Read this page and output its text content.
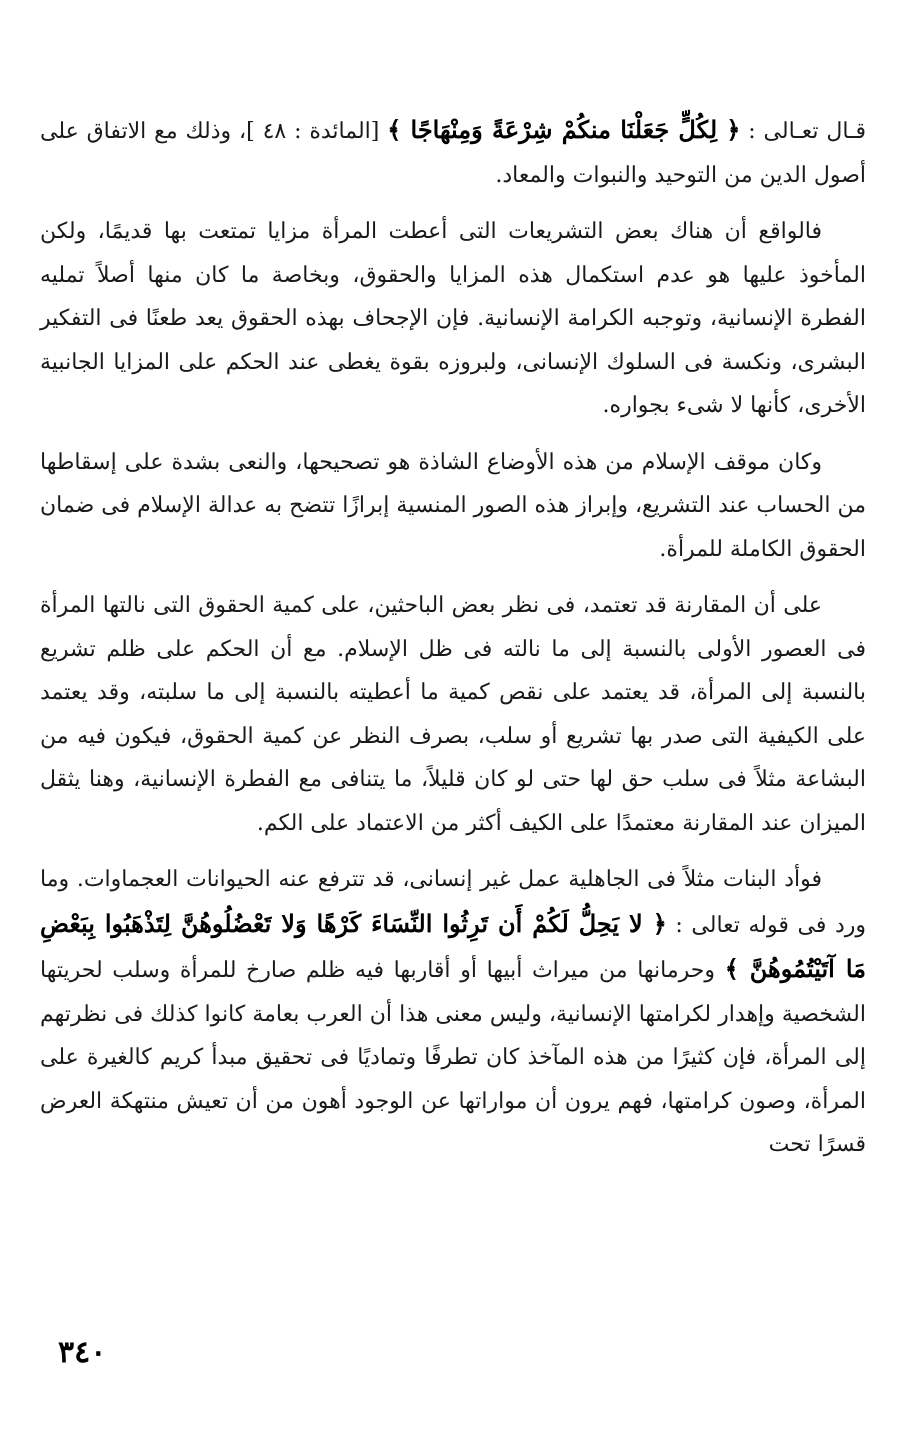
قـال تعـالى : ﴿ لِكُلٍّ جَعَلْنَا منكُمْ شِرْعَةً وَمِنْهَاجًا ﴾ [المائدة : ٤٨ ]، وذلك مع الاتفاق على أصول الدين من التوحيد والنبوات والمعاد.

فالواقع أن هناك بعض التشريعات التى أعطت المرأة مزايا تمتعت بها قديمًا، ولكن المأخوذ عليها هو عدم استكمال هذه المزايا والحقوق، وبخاصة ما كان منها أصلاً تمليه الفطرة الإنسانية، وتوجبه الكرامة الإنسانية. فإن الإجحاف بهذه الحقوق يعد طعنًا فى التفكير البشرى، ونكسة فى السلوك الإنسانى، ولبروزه بقوة يغطى عند الحكم على المزايا الجانبية الأخرى، كأنها لا شىء بجواره.

وكان موقف الإسلام من هذه الأوضاع الشاذة هو تصحيحها، والنعى بشدة على إسقاطها من الحساب عند التشريع، وإبراز هذه الصور المنسية إبرازًا تتضح به عدالة الإسلام فى ضمان الحقوق الكاملة للمرأة.

على أن المقارنة قد تعتمد، فى نظر بعض الباحثين، على كمية الحقوق التى نالتها المرأة فى العصور الأولى بالنسبة إلى ما نالته فى ظل الإسلام. مع أن الحكم على ظلم تشريع بالنسبة إلى المرأة، قد يعتمد على نقص كمية ما أعطيته بالنسبة إلى ما سلبته، وقد يعتمد على الكيفية التى صدر بها تشريع أو سلب، بصرف النظر عن كمية الحقوق، فيكون فيه من البشاعة مثلاً فى سلب حق لها حتى لو كان قليلاً، ما يتنافى مع الفطرة الإنسانية، وهنا يثقل الميزان عند المقارنة معتمدًا على الكيف أكثر من الاعتماد على الكم.

فوأد البنات مثلاً فى الجاهلية عمل غير إنسانى، قد تترفع عنه الحيوانات العجماوات. وما ورد فى قوله تعالى : ﴿ لا يَحِلُّ لَكُمْ أَن تَرِثُوا النِّسَاءَ كَرْهًا وَلا تَعْضُلُوهُنَّ لِتَذْهَبُوا بِبَعْضِ مَا آتَيْتُمُوهُنَّ ﴾ وحرمانها من ميراث أبيها أو أقاربها فيه ظلم صارخ للمرأة وسلب لحريتها الشخصية وإهدار لكرامتها الإنسانية، وليس معنى هذا أن العرب بعامة كانوا كذلك فى نظرتهم إلى المرأة، فإن كثيرًا من هذه المآخذ كان تطرفًا وتماديًا فى تحقيق مبدأ كريم كالغيرة على المرأة، وصون كرامتها، فهم يرون أن مواراتها عن الوجود أهون من أن تعيش منتهكة العرض قسرًا تحت

٣٤٠
